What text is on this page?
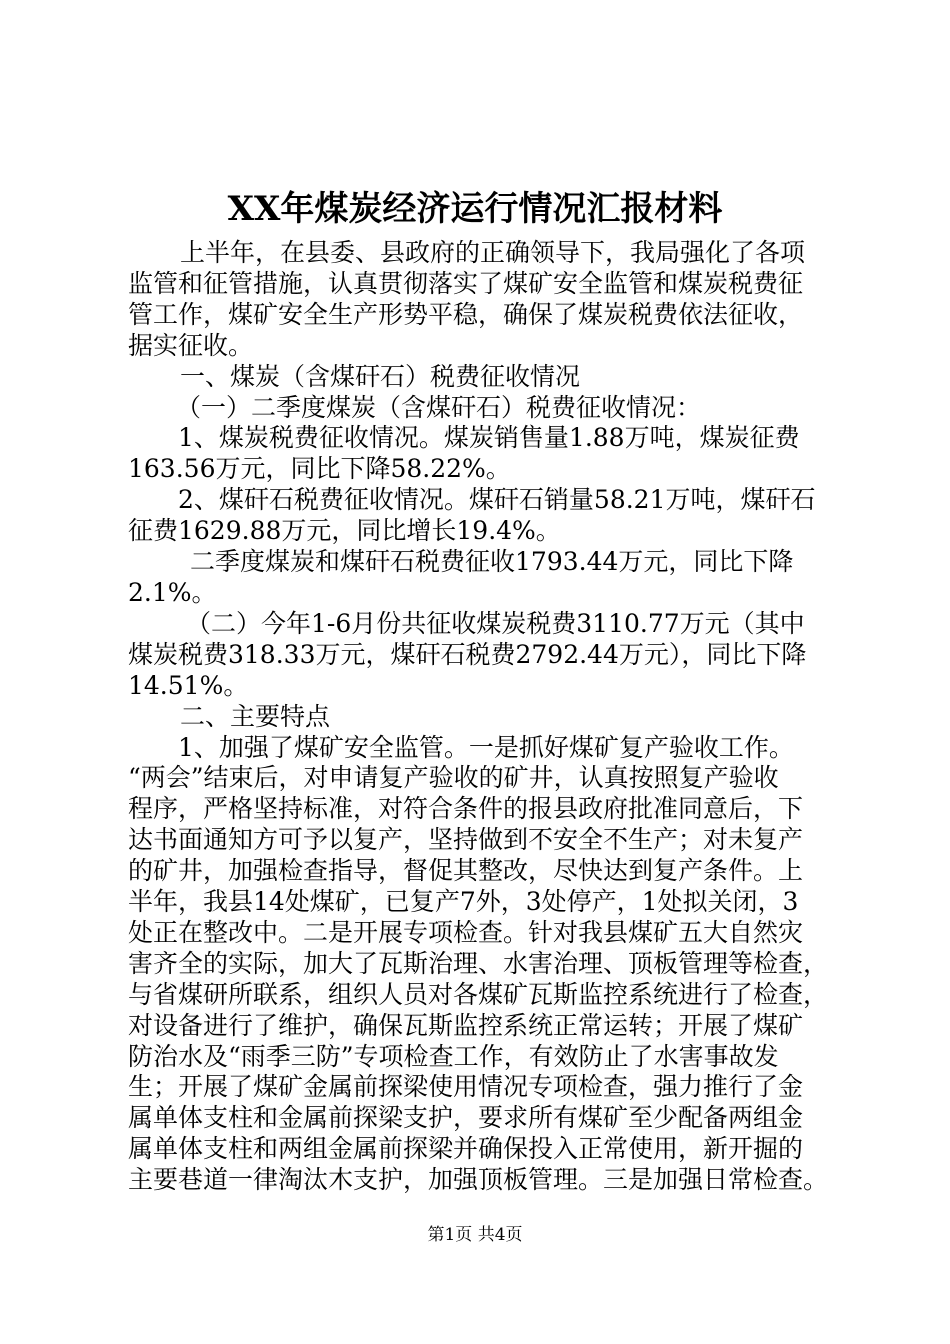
XX年煤炭经济运行情况汇报材料

上半年，在县委、县政府的正确领导下，我局强化了各项

监管和征管措施，认真贯彻落实了煤矿安全监管和煤炭税费征

管工作，煤矿安全生产形势平稳，确保了煤炭税费依法征收，

据实征收。

一、煤炭（含煤矸石）税费征收情况

（一）二季度煤炭（含煤矸石）税费征收情况：

1、煤炭税费征收情况。煤炭销售量1.88万吨，煤炭征费

163.56万元，同比下降58.22%。

2、煤矸石税费征收情况。煤矸石销量58.21万吨，煤矸石

征费1629.88万元，同比增长19.4%。

二季度煤炭和煤矸石税费征收1793.44万元，同比下降

2.1%。

（二）今年1-6月份共征收煤炭税费3110.77万元（其中

煤炭税费318.33万元，煤矸石税费2792.44万元），同比下降

14.51%。

二、主要特点

1、加强了煤矿安全监管。一是抓好煤矿复产验收工作。

“两会”结束后，对申请复产验收的矿井，认真按照复产验收

程序，严格坚持标准，对符合条件的报县政府批准同意后，下

达书面通知方可予以复产，坚持做到不安全不生产；对未复产

的矿井，加强检查指导，督促其整改，尽快达到复产条件。上

半年，我县14处煤矿，已复产7外，3处停产，1处拟关闭，3

处正在整改中。二是开展专项检查。针对我县煤矿五大自然灾

害齐全的实际，加大了瓦斯治理、水害治理、顶板管理等检查，

与省煤研所联系，组织人员对各煤矿瓦斯监控系统进行了检查，

对设备进行了维护，确保瓦斯监控系统正常运转；开展了煤矿

防治水及“雨季三防”专项检查工作，有效防止了水害事故发

生；开展了煤矿金属前探梁使用情况专项检查，强力推行了金

属单体支柱和金属前探梁支护，要求所有煤矿至少配备两组金

属单体支柱和两组金属前探梁并确保投入正常使用，新开掘的

主要巷道一律淘汰木支护，加强顶板管理。三是加强日常检查。

第1页 共4页
